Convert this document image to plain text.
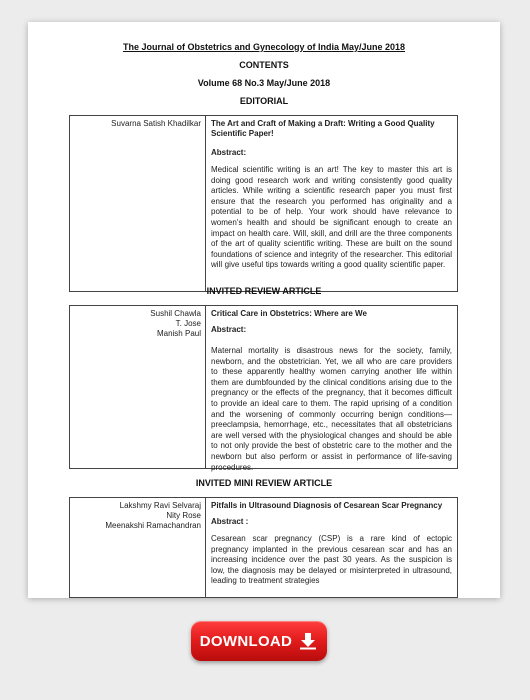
The Journal of Obstetrics and Gynecology of India May/June 2018
CONTENTS
Volume 68 No.3 May/June 2018
EDITORIAL
Suvarna Satish Khadilkar The Art and Craft of Making a Draft: Writing a Good Quality Scientific Paper!
Abstract:
Medical scientific writing is an art! The key to master this art is doing good research work and writing consistently good quality articles. While writing a scientific research paper you must first ensure that the research you performed has originality and a potential to be of help. Your work should have relevance to women's health and should be significant enough to create an impact on health care. Will, skill, and drill are the three components of the art of quality scientific writing. These are built on the sound foundations of science and integrity of the researcher. This editorial will give useful tips towards writing a good quality scientific paper.
INVITED REVIEW ARTICLE
Sushil Chawla
T. Jose
Manish Paul
Critical Care in Obstetrics: Where are We
Abstract:
Maternal mortality is disastrous news for the society, family, newborn, and the obstetrician. Yet, we all who are care providers to these apparently healthy women carrying another life within them are dumbfounded by the clinical conditions arising due to the pregnancy or the effects of the pregnancy, that it becomes difficult to provide an ideal care to them. The rapid uprising of a condition and the worsening of commonly occurring benign conditions—preeclampsia, hemorrhage, etc., necessitates that all obstetricians are well versed with the physiological changes and should be able to not only provide the best of obstetric care to the mother and the newborn but also perform or assist in performance of life-saving procedures.
INVITED MINI REVIEW ARTICLE
Lakshmy Ravi Selvaraj
Nity Rose
Meenakshi Ramachandran
Pitfalls in Ultrasound Diagnosis of Cesarean Scar Pregnancy
Abstract :
Cesarean scar pregnancy (CSP) is a rare kind of ectopic pregnancy implanted in the previous cesarean scar and has an increasing incidence over the past 30 years. As the suspicion is low, the diagnosis may be delayed or misinterpreted in ultrasound, leading to treatment strategies
DOWNLOAD
